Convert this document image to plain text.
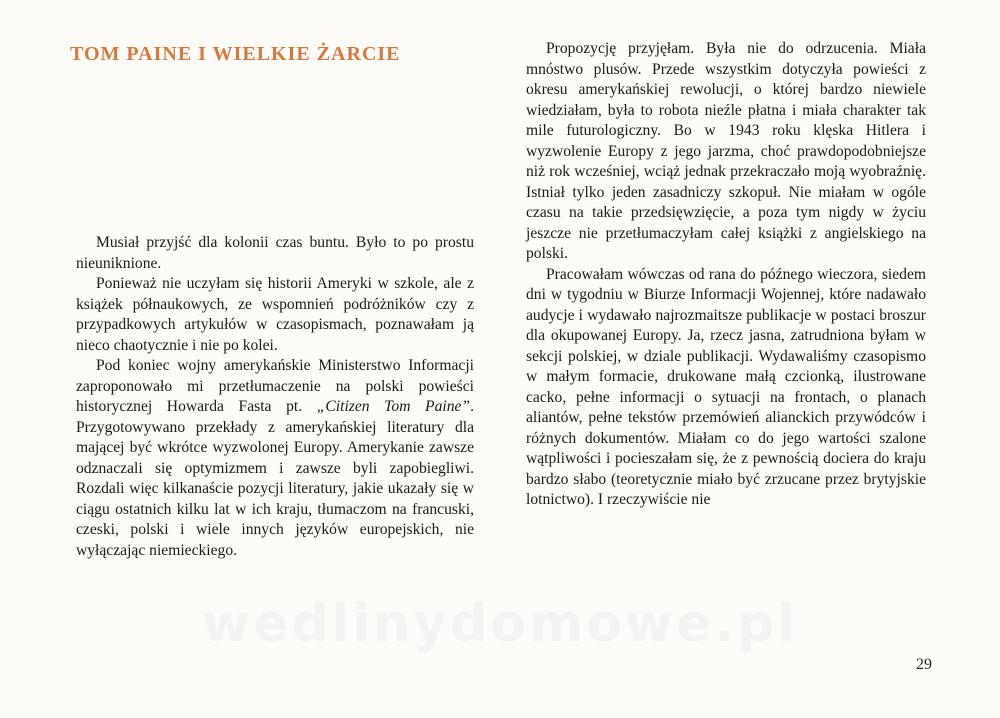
TOM PAINE I WIELKIE ŻARCIE

Musiał przyjść dla kolonii czas buntu. Było to po prostu nieuniknione.

Ponieważ nie uczyłam się historii Ameryki w szkole, ale z książek półnaukowych, ze wspomnień podróżników czy z przypadkowych artykułów w czasopismach, poznawałam ją nieco chaotycznie i nie po kolei.

Pod koniec wojny amerykańskie Ministerstwo Informacji zaproponowało mi przetłumaczenie na polski powieści historycznej Howarda Fasta pt. „Citizen Tom Paine”. Przygotowywano przekłady z amerykańskiej literatury dla mającej być wkrótce wyzwolonej Europy. Amerykanie zawsze odznaczali się optymizmem i zawsze byli zapobiegliwi. Rozdali więc kilkanaście pozycji literatury, jakie ukazały się w ciągu ostatnich kilku lat w ich kraju, tłumaczom na francuski, czeski, polski i wiele innych języków europejskich, nie wyłączając niemieckiego.

Propozycję przyjęłam. Była nie do odrzucenia. Miała mnóstwo plusów. Przede wszystkim dotyczyła powieści z okresu amerykańskiej rewolucji, o której bardzo niewiele wiedziałam, była to robota nieźle płatna i miała charakter tak mile futurologiczny. Bo w 1943 roku klęska Hitlera i wyzwolenie Europy z jego jarzma, choć prawdopodobniejsze niż rok wcześniej, wciąż jednak przekraczało moją wyobraźnię. Istniał tylko jeden zasadniczy szkopuł. Nie miałam w ogóle czasu na takie przedsięwzięcie, a poza tym nigdy w życiu jeszcze nie przetłumaczyłam całej książki z angielskiego na polski.

Pracowałam wówczas od rana do późnego wieczora, siedem dni w tygodniu w Biurze Informacji Wojennej, które nadawało audycje i wydawało najrozmaitsze publikacje w postaci broszur dla okupowanej Europy. Ja, rzecz jasna, zatrudniona byłam w sekcji polskiej, w dziale publikacji. Wydawaliśmy czasopismo w małym formacie, drukowane małą czcionką, ilustrowane cacko, pełne informacji o sytuacji na frontach, o planach aliantów, pełne tekstów przemówień alianckich przywódców i różnych dokumentów. Miałam co do jego wartości szalone wątpliwości i pocieszałam się, że z pewnością dociera do kraju bardzo słabo (teoretycznie miało być zrzucane przez brytyjskie lotnictwo). I rzeczywiście nie

29
wedlinydomowe.pl
